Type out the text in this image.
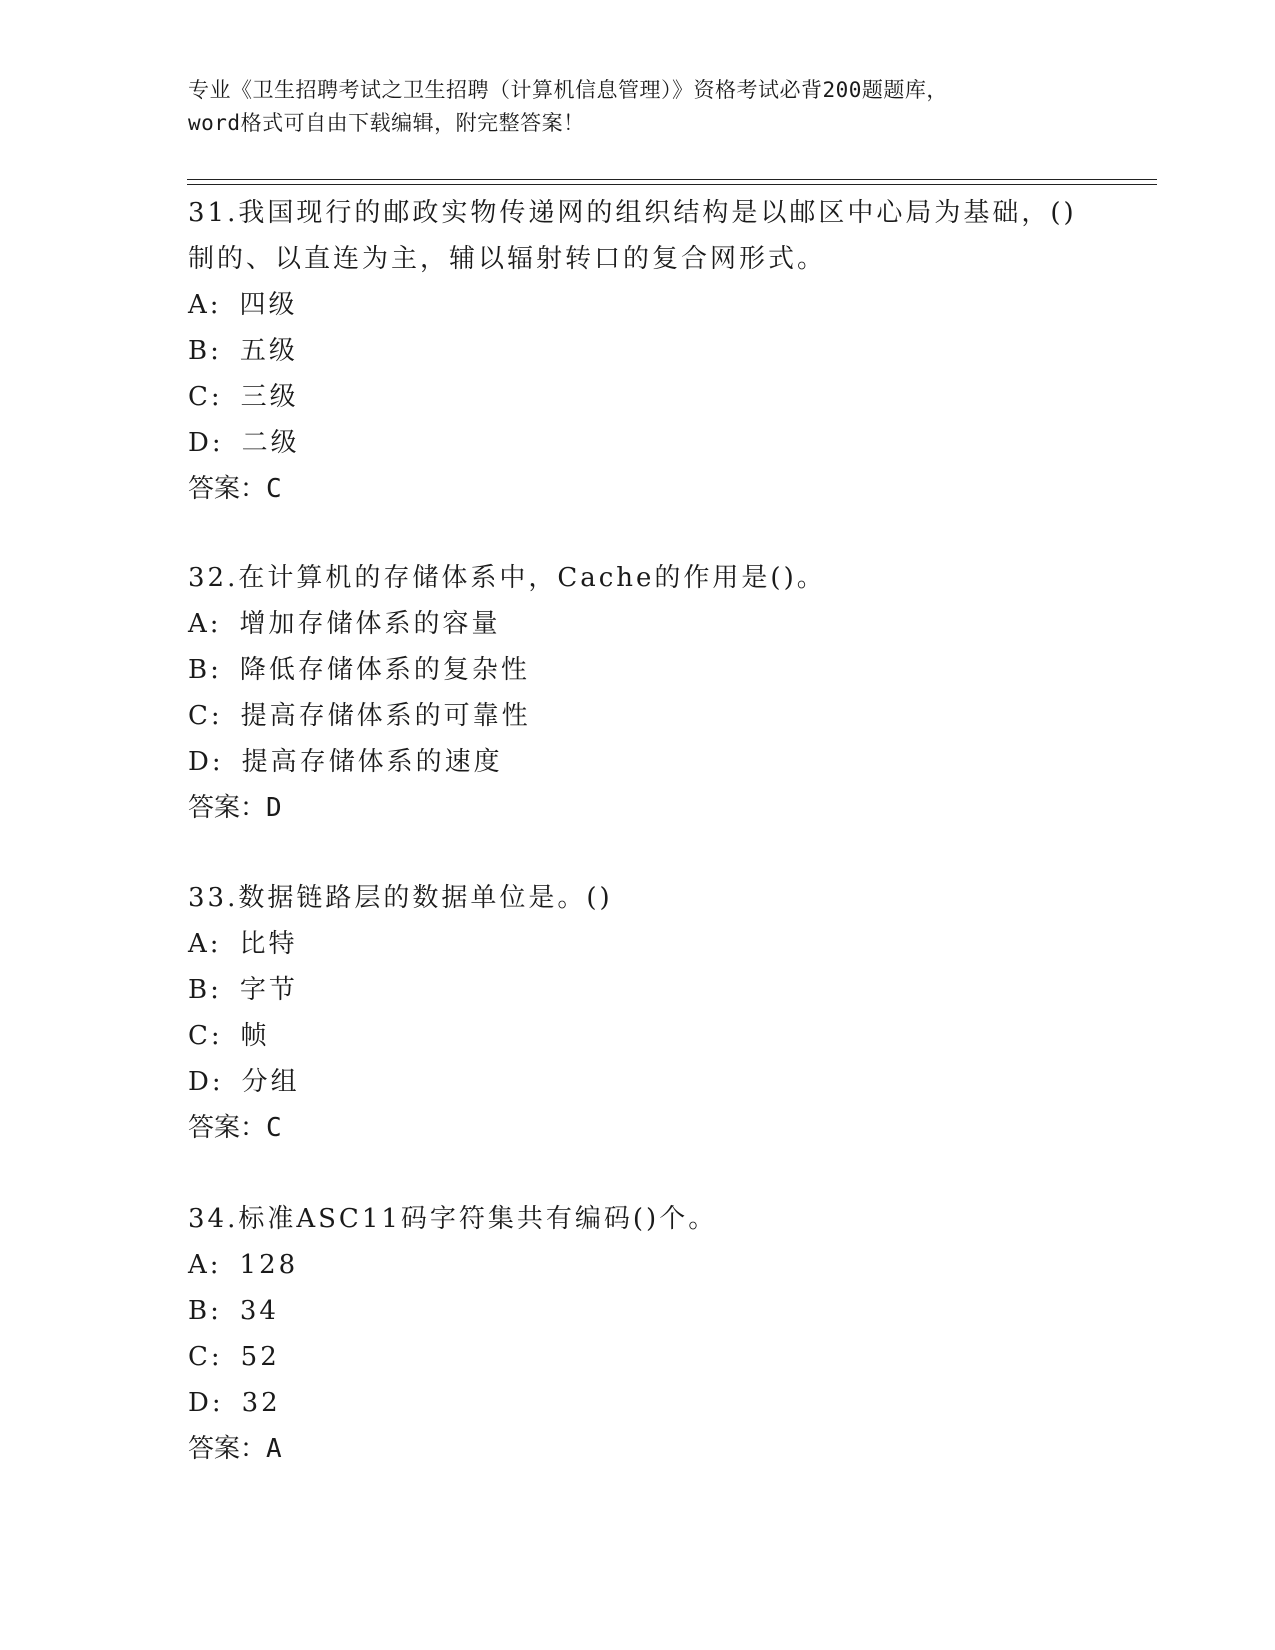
专业《卫生招聘考试之卫生招聘（计算机信息管理）》资格考试必背200题题库，
word格式可自由下载编辑，附完整答案！

31.我国现行的邮政实物传递网的组织结构是以邮区中心局为基础，()

制的、以直连为主，辅以辐射转口的复合网形式。

A: 四级

B: 五级

C: 三级

D: 二级

答案：C

32.在计算机的存储体系中，Cache的作用是()。

A: 增加存储体系的容量

B: 降低存储体系的复杂性

C: 提高存储体系的可靠性

D: 提高存储体系的速度

答案：D

33.数据链路层的数据单位是。()

A: 比特

B: 字节

C: 帧

D: 分组

答案：C

34.标准ASC11码字符集共有编码()个。

A: 128

B: 34

C: 52

D: 32

答案：A
